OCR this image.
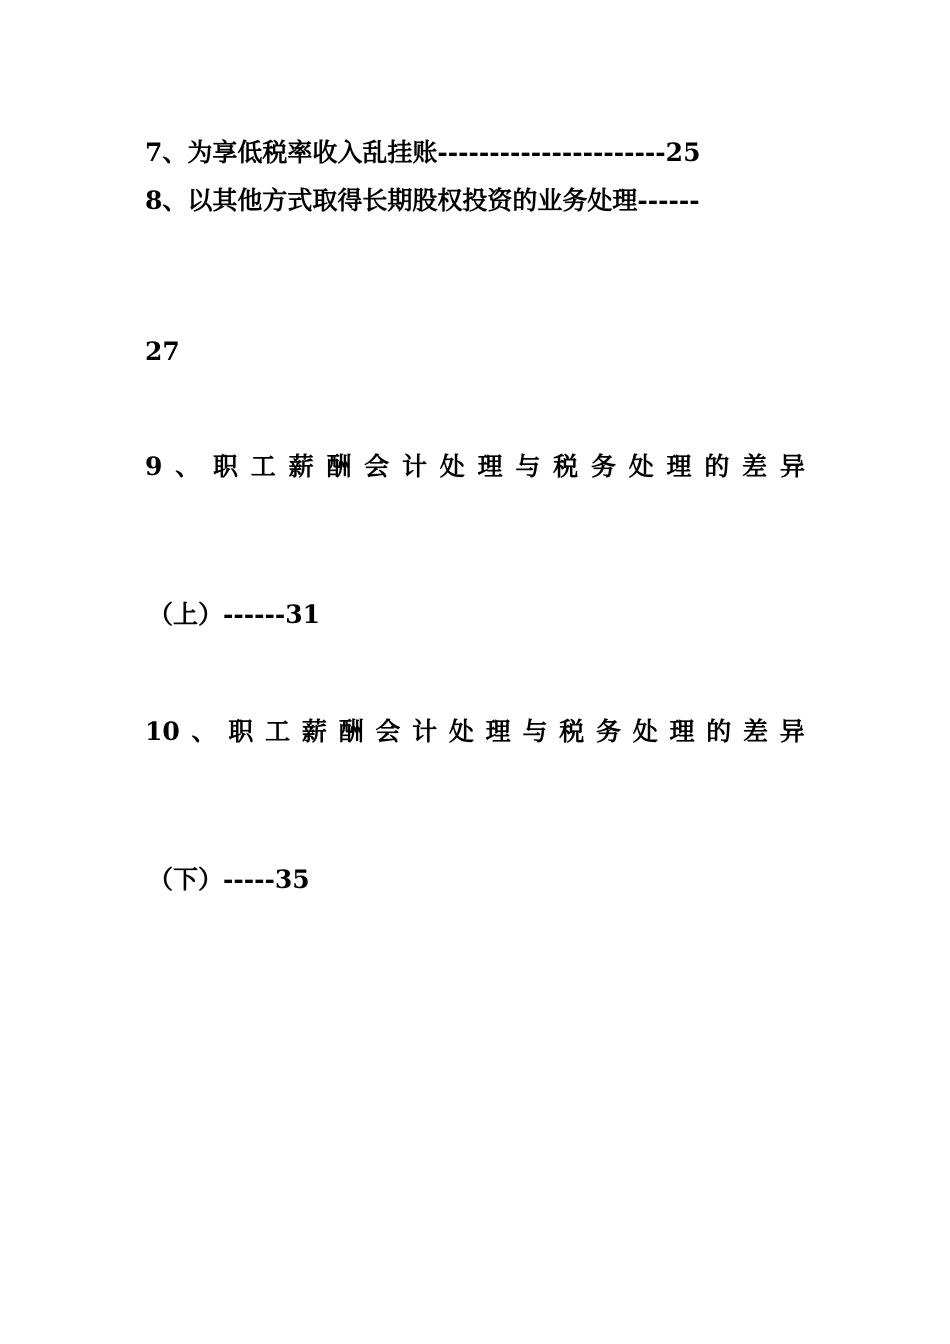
7、为享低税率收入乱挂账----------------------25
8、以其他方式取得长期股权投资的业务处理------
27
9 、 职 工 薪 酬 会 计 处 理 与 税 务 处 理 的 差 异
（上）------31
10 、 职 工 薪 酬 会 计 处 理 与 税 务 处 理 的 差 异
（下）-----35
